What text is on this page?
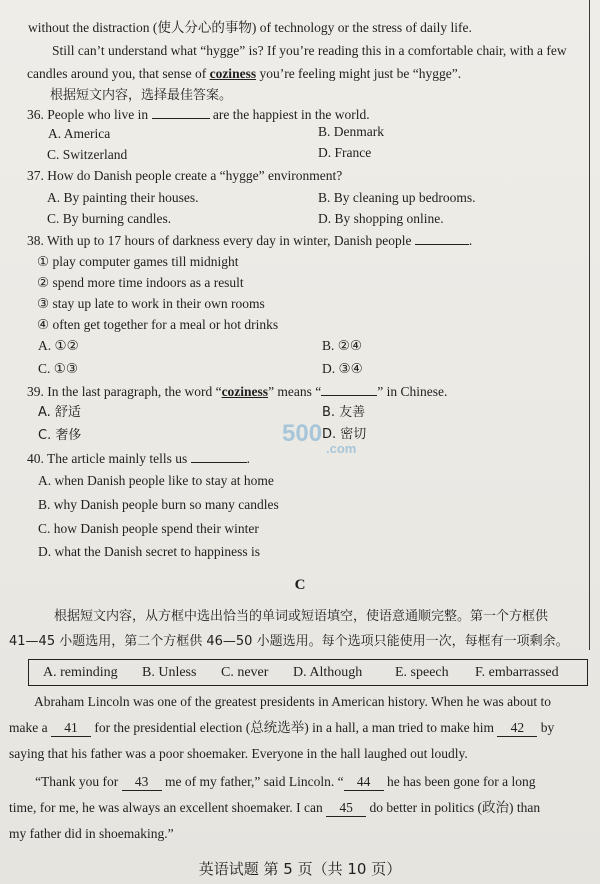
without the distraction (使人分心的事物) of technology or the stress of daily life.
Still can’t understand what “hygge” is? If you’re reading this in a comfortable chair, with a few
candles around you, that sense of coziness you’re feeling might just be “hygge”.
根据短文内容，选择最佳答案。
36. People who live in	are the happiest in the world.
A. America	B. Denmark
C. Switzerland	D. France
37. How do Danish people create a “hygge” environment?
A. By painting their houses.	B. By cleaning up bedrooms.
C. By burning candles.	D. By shopping online.
38. With up to 17 hours of darkness every day in winter, Danish people	.
① play computer games till midnight
② spend more time indoors as a result
③ stay up late to work in their own rooms
④ often get together for a meal or hot drinks
A. ①②	B. ②④
C. ①③	D. ③④
39. In the last paragraph, the word “coziness” means “	” in Chinese.
A. 舒适	B. 友善
C. 奢侈	D. 密切
500
.com
40. The article mainly tells us	.
A. when Danish people like to stay at home
B. why Danish people burn so many candles
C. how Danish people spend their winter
D. what the Danish secret to happiness is
C
根据短文内容，从方框中选出恰当的单词或短语填空，使语意通顺完整。第一个方框供
41—45 小题选用，第二个方框供 46—50 小题选用。每个选项只能使用一次，每框有一项剩余。
A. reminding B. Unless C. never D. Although E. speech F. embarrassed
Abraham Lincoln was one of the greatest presidents in American history. When he was about to
make a 41 for the presidential election (总统选举) in a hall, a man tried to make him 42 by
saying that his father was a poor shoemaker. Everyone in the hall laughed out loudly.
“Thank you for 43 me of my father,” said Lincoln. “ 44 he has been gone for a long
time, for me, he was always an excellent shoemaker. I can 45 do better in politics (政治) than
my father did in shoemaking.”
英语试题 第 5 页（共 10 页）
